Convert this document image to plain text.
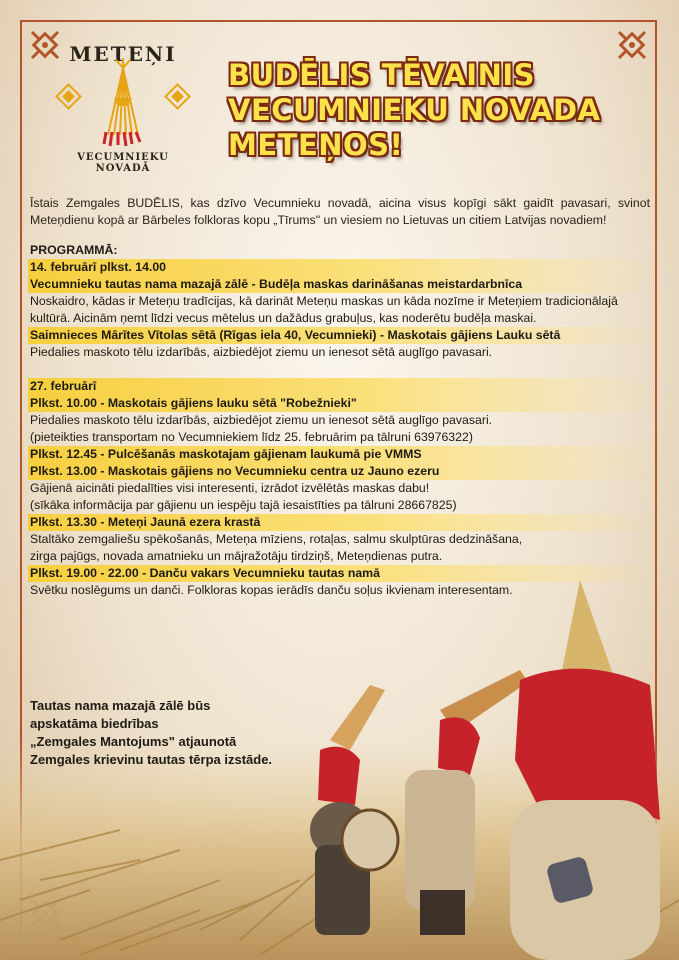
METEŅI
VECUMNIEKU NOVADĀ
BUDĒLIS TĒVAINIS
VECUMNIEKU NOVADA
METEŅOS!
Īstais Zemgales BUDĒLIS, kas dzīvo Vecumnieku novadā, aicina visus kopīgi sākt gaidīt pavasari, svinot Meteņdienu kopā ar Bārbeles folkloras kopu „Tīrums" un viesiem no Lietuvas un citiem Latvijas novadiem!
PROGRAMMĀ:
14. februārī plkst. 14.00
Vecumnieku tautas nama mazajā zālē - Budēļa maskas darināšanas meistardarbnīca
Noskaidro, kādas ir Meteņu tradīcijas, kā darināt Meteņu maskas un kāda nozīme ir Meteņiem tradicionālajā
kultūrā. Aicinām ņemt līdzi vecus mētelus un dažādus grabuļus, kas noderētu budēļa maskai.
Saimnieces Mārītes Vītolas sētā (Rīgas iela 40, Vecumnieki) - Maskotais gājiens Lauku sētā
Piedalies maskoto tēlu izdarībās, aizbiedējot ziemu un ienesot sētā auglīgo pavasari.
27. februārī
Plkst. 10.00 - Maskotais gājiens lauku sētā "Robežnieki"
Piedalies maskoto tēlu izdarībās, aizbiedējot ziemu un ienesot sētā auglīgo pavasari.
(pieteikties transportam no Vecumniekiem līdz 25. februārim pa tālruni 63976322)
Plkst. 12.45 - Pulcēšanās maskotajam gājienam laukumā pie VMMS
Plkst. 13.00 - Maskotais gājiens no Vecumnieku centra uz Jauno ezeru
Gājienā aicināti piedalīties visi interesenti, izrādot izvēlētās maskas dabu!
(sīkāka informācija par gājienu un iespēju tajā iesaistīties pa tālruni 28667825)
Plkst. 13.30 - Meteņi Jaunā ezera krastā
Staltāko zemgaliešu spēkošanās, Meteņa mīziens, rotaļas, salmu skulptūras dedzināšana,
zirga pajūgs, novada amatnieku un mājražotāju tirdziņš, Meteņdienas putra.
Plkst. 19.00 - 22.00 - Danču vakars Vecumnieku tautas namā
Svētku noslēgums un danči. Folkloras kopas ierādīs danču soļus ikvienam interesentam.
Tautas nama mazajā zālē būs
apskatāma biedrības
„Zemgales Mantojums" atjaunotā
Zemgales krievinu tautas tērpa izstāde.
